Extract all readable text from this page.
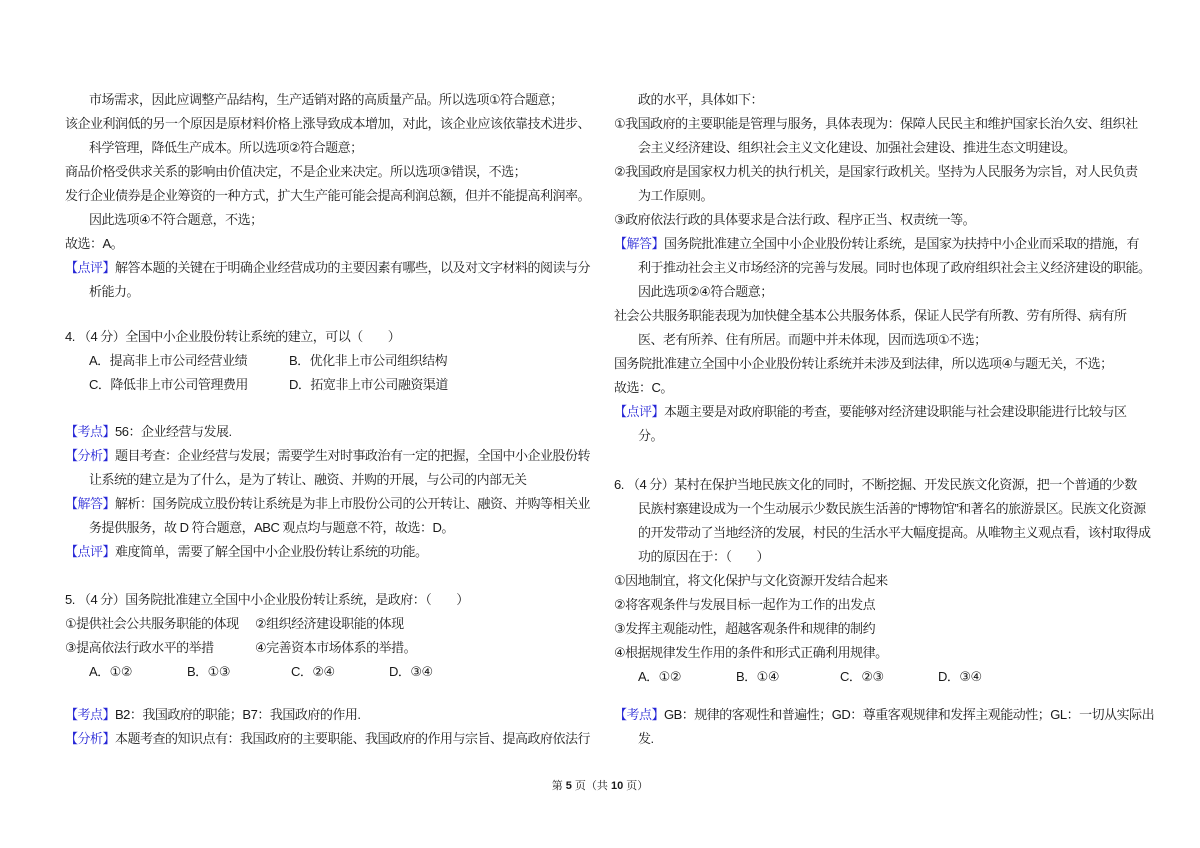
市场需求，因此应调整产品结构，生产适销对路的高质量产品。所以选项①符合题意；
该企业利润低的另一个原因是原材料价格上涨导致成本增加，对此，该企业应该依靠技术进步、
科学管理，降低生产成本。所以选项②符合题意；
商品价格受供求关系的影响由价值决定，不是企业来决定。所以选项③错误，不选；
发行企业债券是企业筹资的一种方式，扩大生产能可能会提高利润总额，但并不能提高利润率。
因此选项④不符合题意，不选；
故选：A。
【点评】解答本题的关键在于明确企业经营成功的主要因素有哪些，以及对文字材料的阅读与分
析能力。
4. （4 分）全国中小企业股份转让系统的建立，可以（　　）
A．提高非上市公司经营业绩	B．优化非上市公司组织结构
C．降低非上市公司管理费用	D．拓宽非上市公司融资渠道
【考点】56：企业经营与发展.
【分析】题目考查：企业经营与发展；需要学生对时事政治有一定的把握，全国中小企业股份转
让系统的建立是为了什么，是为了转让、融资、并购的开展，与公司的内部无关
【解答】解析：国务院成立股份转让系统是为非上市股份公司的公开转让、融资、并购等相关业
务提供服务，故 D 符合题意，ABC 观点均与题意不符，故选：D。
【点评】难度简单，需要了解全国中小企业股份转让系统的功能。
5. （4 分）国务院批准建立全国中小企业股份转让系统，是政府：（　　）
①提供社会公共服务职能的体现 ②组织经济建设职能的体现
③提高依法行政水平的举措	④完善资本市场体系的举措。
A．①②	B．①③	C．②④	D．③④
【考点】B2：我国政府的职能；B7：我国政府的作用.
【分析】本题考查的知识点有：我国政府的主要职能、我国政府的作用与宗旨、提高政府依法行
政的水平，具体如下：
①我国政府的主要职能是管理与服务，具体表现为：保障人民民主和维护国家长治久安、组织社
会主义经济建设、组织社会主义文化建设、加强社会建设、推进生态文明建设。
②我国政府是国家权力机关的执行机关，是国家行政机关。坚持为人民服务为宗旨，对人民负责
为工作原则。
③政府依法行政的具体要求是合法行政、程序正当、权责统一等。
【解答】国务院批准建立全国中小企业股份转让系统，是国家为扶持中小企业而采取的措施，有
利于推动社会主义市场经济的完善与发展。同时也体现了政府组织社会主义经济建设的职能。
因此选项②④符合题意；
社会公共服务职能表现为加快健全基本公共服务体系，保证人民学有所教、劳有所得、病有所
医、老有所养、住有所居。而题中并未体现，因而选项①不选；
国务院批准建立全国中小企业股份转让系统并未涉及到法律，所以选项④与题无关，不选；
故选：C。
【点评】本题主要是对政府职能的考查，要能够对经济建设职能与社会建设职能进行比较与区
分。
6. （4 分）某村在保护当地民族文化的同时，不断挖掘、开发民族文化资源，把一个普通的少数
民族村寨建设成为一个生动展示少数民族生活善的“博物馆”和著名的旅游景区。民族文化资源
的开发带动了当地经济的发展，村民的生活水平大幅度提高。从唯物主义观点看，该村取得成
功的原因在于：（　　）
①因地制宜，将文化保护与文化资源开发结合起来
②将客观条件与发展目标一起作为工作的出发点
③发挥主观能动性，超越客观条件和规律的制约
④根据规律发生作用的条件和形式正确利用规律。
A．①②	B．①④	C．②③	D．③④
【考点】GB：规律的客观性和普遍性；GD：尊重客观规律和发挥主观能动性；GL：一切从实际出
发.
第 5 页（共 10 页）
